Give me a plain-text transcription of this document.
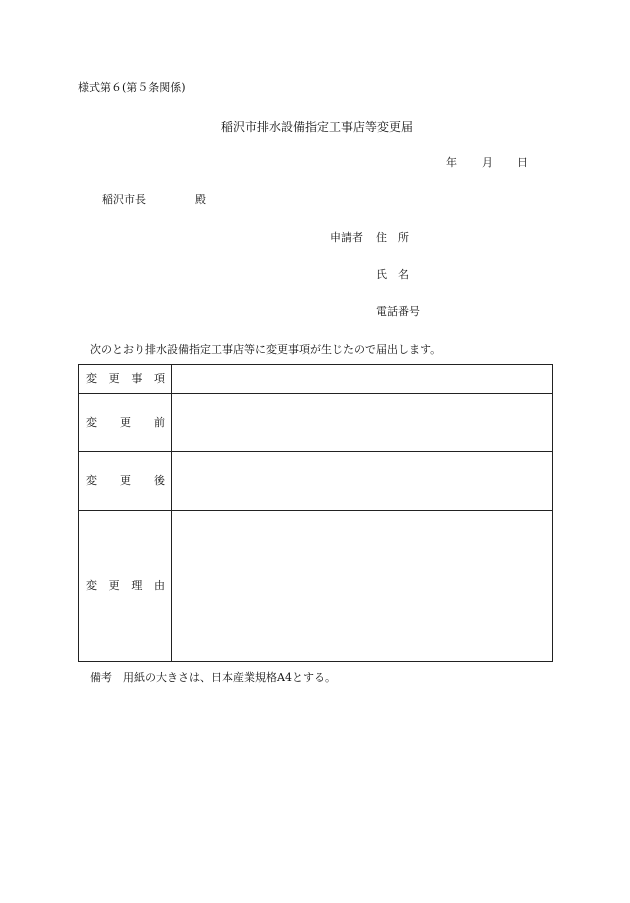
様式第６(第５条関係)
稲沢市排水設備指定工事店等変更届
年 月 日
稲沢市長	殿
申請者 住　所
氏　名
電話番号
次のとおり排水設備指定工事店等に変更事項が生じたので届出します。
変 更 事 項	

変 更 前	

変 更 後	

変 更 理 由	

備考　用紙の大きさは、日本産業規格A4とする。
